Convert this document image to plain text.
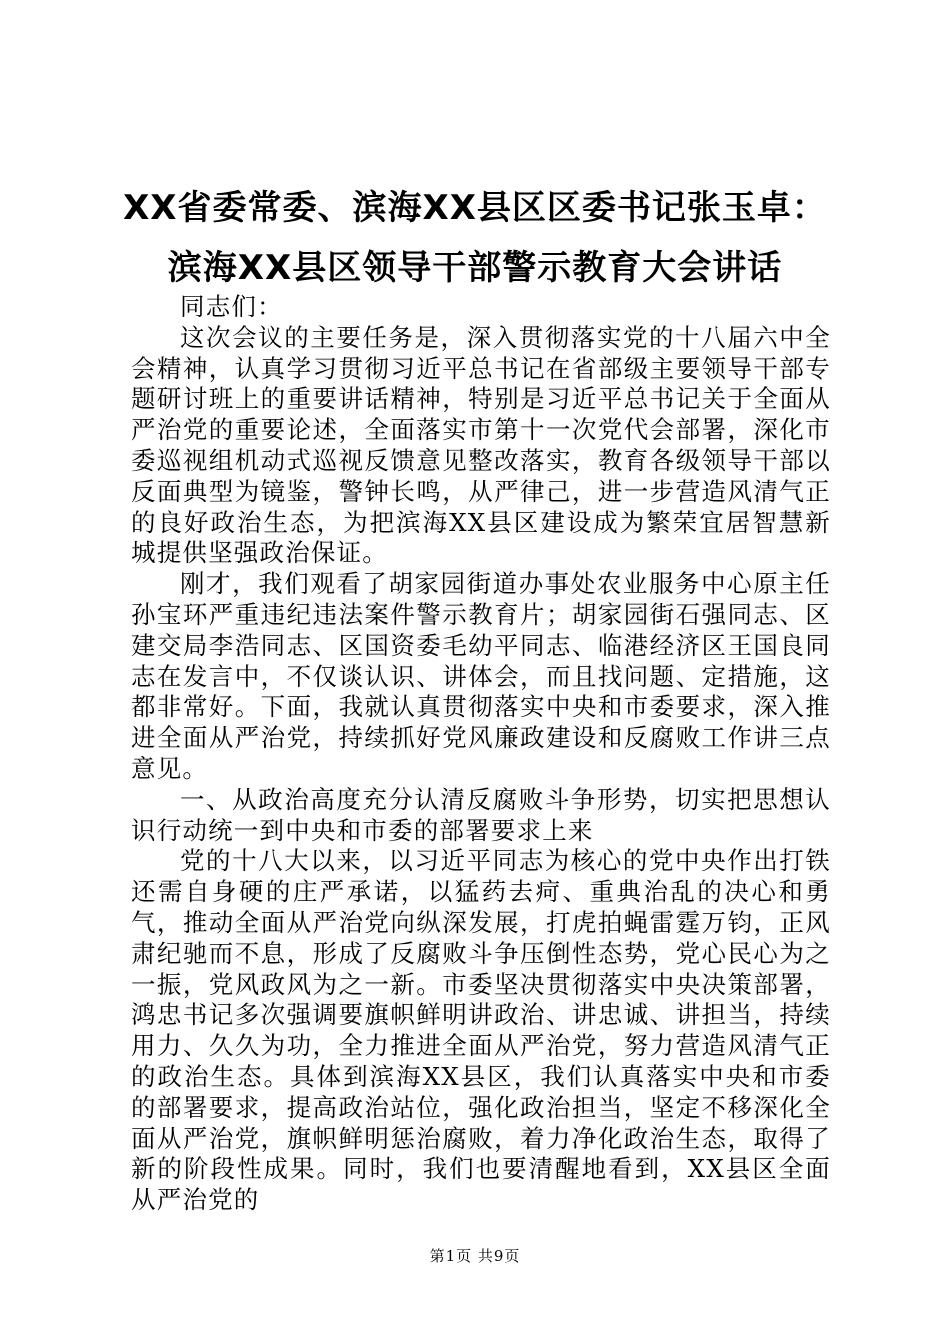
XX省委常委、滨海XX县区区委书记张玉卓：
滨海XX县区领导干部警示教育大会讲话

同志们：

这次会议的主要任务是，深入贯彻落实党的十八届六中全会精神，认真学习贯彻习近平总书记在省部级主要领导干部专题研讨班上的重要讲话精神，特别是习近平总书记关于全面从严治党的重要论述，全面落实市第十一次党代会部署，深化市委巡视组机动式巡视反馈意见整改落实，教育各级领导干部以反面典型为镜鉴，警钟长鸣，从严律己，进一步营造风清气正的良好政治生态，为把滨海XX县区建设成为繁荣宜居智慧新城提供坚强政治保证。

刚才，我们观看了胡家园街道办事处农业服务中心原主任孙宝环严重违纪违法案件警示教育片；胡家园街石强同志、区建交局李浩同志、区国资委毛幼平同志、临港经济区王国良同志在发言中，不仅谈认识、讲体会，而且找问题、定措施，这都非常好。下面，我就认真贯彻落实中央和市委要求，深入推进全面从严治党，持续抓好党风廉政建设和反腐败工作讲三点意见。

一、从政治高度充分认清反腐败斗争形势，切实把思想认识行动统一到中央和市委的部署要求上来

党的十八大以来，以习近平同志为核心的党中央作出打铁还需自身硬的庄严承诺，以猛药去疴、重典治乱的决心和勇气，推动全面从严治党向纵深发展，打虎拍蝇雷霆万钧，正风肃纪驰而不息，形成了反腐败斗争压倒性态势，党心民心为之一振，党风政风为之一新。市委坚决贯彻落实中央决策部署，鸿忠书记多次强调要旗帜鲜明讲政治、讲忠诚、讲担当，持续用力、久久为功，全力推进全面从严治党，努力营造风清气正的政治生态。具体到滨海XX县区，我们认真落实中央和市委的部署要求，提高政治站位，强化政治担当，坚定不移深化全面从严治党，旗帜鲜明惩治腐败，着力净化政治生态，取得了新的阶段性成果。同时，我们也要清醒地看到，XX县区全面从严治党的

第1页 共9页
